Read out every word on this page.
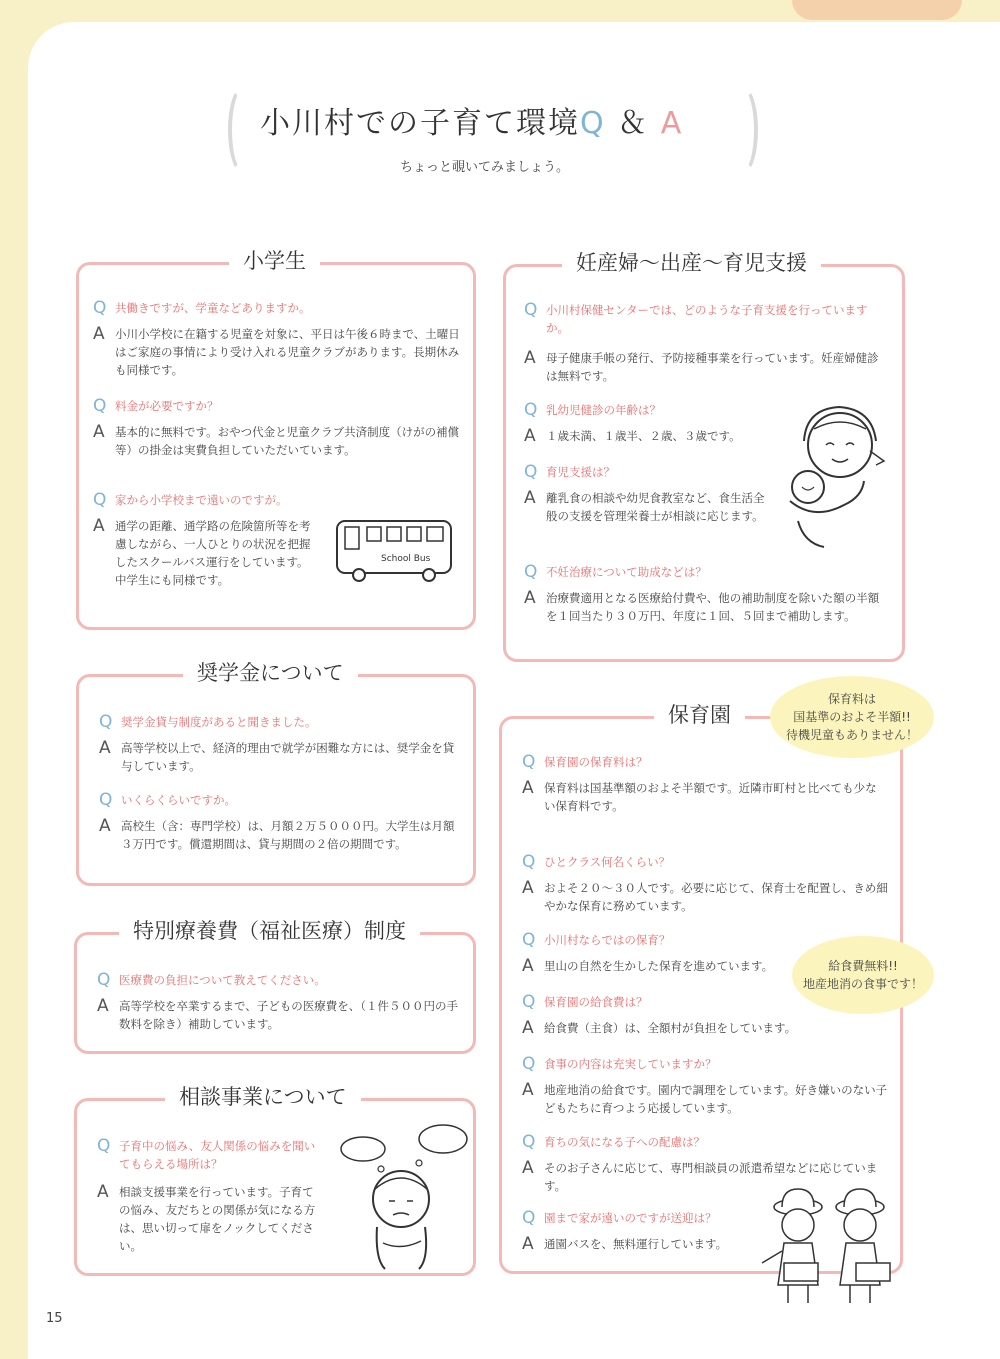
小川村での子育て環境Q ＆ A
ちょっと覗いてみましょう。
小学生
Q 共働きですが、学童などありますか。
A 小川小学校に在籍する児童を対象に、平日は午後６時まで、土曜日はご家庭の事情により受け入れる児童クラブがあります。長期休みも同様です。
Q 料金が必要ですか？
A 基本的に無料です。おやつ代金と児童クラブ共済制度（けがの補償等）の掛金は実費負担していただいています。
Q 家から小学校まで遠いのですが。
A 通学の距離、通学路の危険箇所等を考慮しながら、一人ひとりの状況を把握したスクールバス運行をしています。中学生にも同様です。
School Bus
妊産婦～出産～育児支援
Q 小川村保健センターでは、どのような子育支援を行っていますか。
A 母子健康手帳の発行、予防接種事業を行っています。妊産婦健診は無料です。
Q 乳幼児健診の年齢は？
A １歳未満、１歳半、２歳、３歳です。
Q 育児支援は？
A 離乳食の相談や幼児食教室など、食生活全般の支援を管理栄養士が相談に応じます。
Q 不妊治療について助成などは？
A 治療費適用となる医療給付費や、他の補助制度を除いた額の半額を１回当たり３０万円、年度に１回、５回まで補助します。
奨学金について
Q 奨学金貸与制度があると聞きました。
A 高等学校以上で、経済的理由で就学が困難な方には、奨学金を貸与しています。
Q いくらくらいですか。
A 高校生（含：専門学校）は、月額２万５０００円。大学生は月額３万円です。償還期間は、貸与期間の２倍の期間です。
特別療養費（福祉医療）制度
Q 医療費の負担について教えてください。
A 高等学校を卒業するまで、子どもの医療費を、（１件５００円の手数料を除き）補助しています。
相談事業について
Q 子育中の悩み、友人関係の悩みを聞いてもらえる場所は？
A 相談支援事業を行っています。子育ての悩み、友だちとの関係が気になる方は、思い切って扉をノックしてください。
保育園
Q 保育園の保育料は？
A 保育料は国基準額のおよそ半額です。近隣市町村と比べても少ない保育料です。
Q ひとクラス何名くらい？
A およそ２０～３０人です。必要に応じて、保育士を配置し、きめ細やかな保育に務めています。
Q 小川村ならではの保育？
A 里山の自然を生かした保育を進めています。
Q 保育園の給食費は？
A 給食費（主食）は、全額村が負担をしています。
Q 食事の内容は充実していますか？
A 地産地消の給食です。園内で調理をしています。好き嫌いのない子どもたちに育つよう応援しています。
Q 育ちの気になる子への配慮は？
A そのお子さんに応じて、専門相談員の派遣希望などに応じています。
Q 園まで家が遠いのですが送迎は？
A 通園バスを、無料運行しています。
保育料は
国基準のおよそ半額!!
待機児童もありません！
給食費無料!!
地産地消の食事です！
15
